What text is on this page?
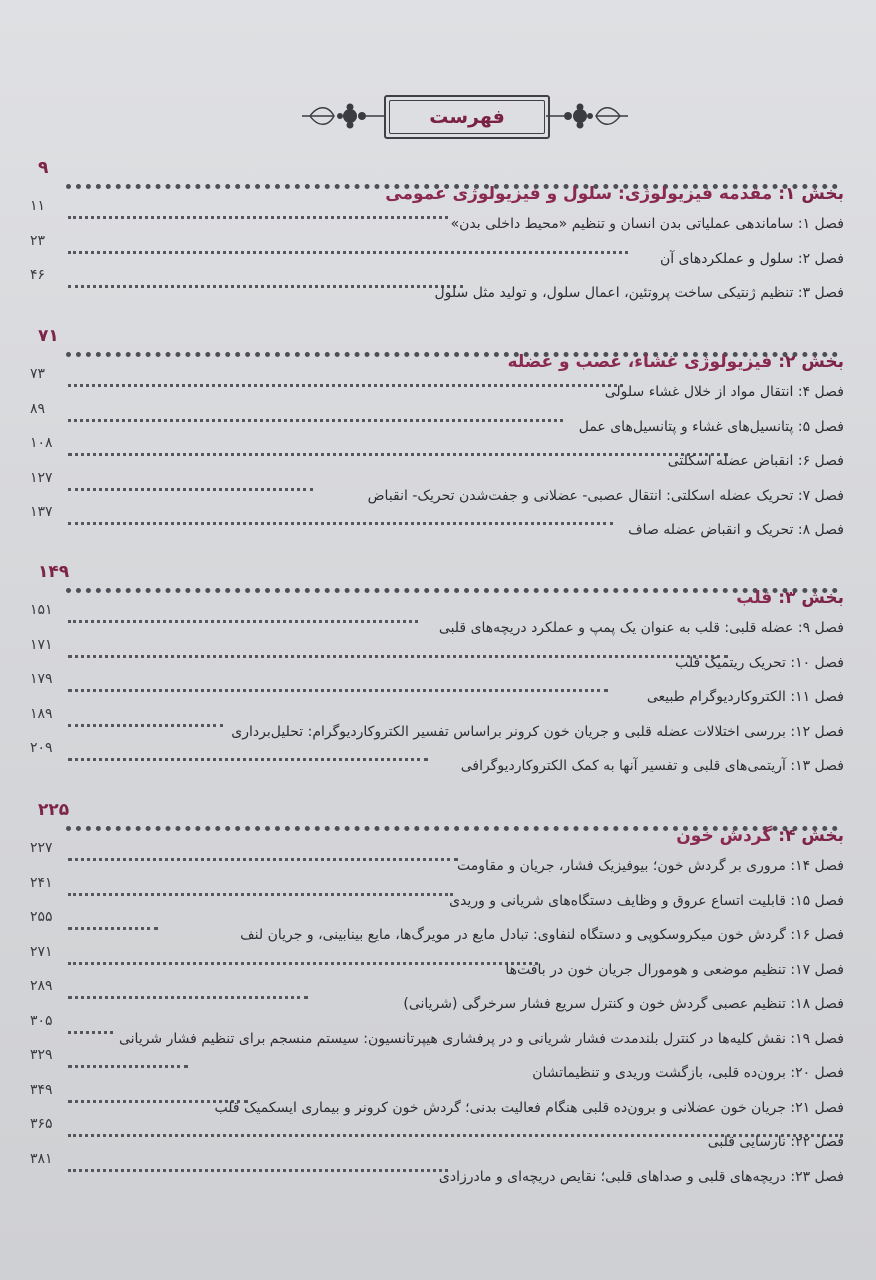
فهرست
۹
بخش ۱: مقدمه فیزیولوژی: سلول و فیزیولوژی عمومی
۱۱
فصل ۱: ساماندهی عملیاتی بدن انسان و تنظیم «محیط داخلی بدن»
۲۳
فصل ۲: سلول و عملکردهای آن
۴۶
فصل ۳: تنظیم ژنتیکی ساخت پروتئین، اعمال سلول، و تولید مثل سلول
۷۱
بخش ۲: فیزیولوژی غشاء، عصب و عضله
۷۳
فصل ۴: انتقال مواد از خلال غشاء سلولی
۸۹
فصل ۵: پتانسیل‌های غشاء و پتانسیل‌های عمل
۱۰۸
فصل ۶: انقباض عضله اسکلتی
۱۲۷
فصل ۷: تحریک عضله اسکلتی: انتقال عصبی- عضلانی و جفت‌شدن تحریک- انقباض
۱۳۷
فصل ۸: تحریک و انقباض عضله صاف
۱۴۹
بخش ۳: قلب
۱۵۱
فصل ۹: عضله قلبی: قلب به عنوان یک پمپ و عملکرد دریچه‌های قلبی
۱۷۱
فصل ۱۰: تحریک ریتمیک قلب
۱۷۹
فصل ۱۱: الکتروکاردیوگرام طبیعی
۱۸۹
فصل ۱۲: بررسی اختلالات عضله قلبی و جریان خون کرونر براساس تفسیر الکتروکاردیوگرام: تحلیل‌برداری
۲۰۹
فصل ۱۳: آریتمی‌های قلبی و تفسیر آنها به کمک الکتروکاردیوگرافی
۲۲۵
بخش ۴: گردش خون
۲۲۷
فصل ۱۴: مروری بر گردش خون؛ بیوفیزیک فشار، جریان و مقاومت
۲۴۱
فصل ۱۵: قابلیت اتساع عروق و وظایف دستگاه‌های شریانی و وریدی
۲۵۵
فصل ۱۶: گردش خون میکروسکوپی و دستگاه لنفاوی: تبادل مایع در مویرگ‌ها، مایع بینابینی، و جریان لنف
۲۷۱
فصل ۱۷: تنظیم موضعی و هومورال جریان خون در بافت‌ها
۲۸۹
فصل ۱۸: تنظیم عصبی گردش خون و کنترل سریع فشار سرخرگی (شریانی)
۳۰۵
فصل ۱۹: نقش کلیه‌ها در کنترل بلندمدت فشار شریانی و در پرفشاری هیپرتانسیون: سیستم منسجم برای تنظیم فشار شریانی
۳۲۹
فصل ۲۰: برون‌ده قلبی، بازگشت وریدی و تنظیماتشان
۳۴۹
فصل ۲۱: جریان خون عضلانی و برون‌ده قلبی هنگام فعالیت بدنی؛ گردش خون کرونر و بیماری ایسکمیک قلب
۳۶۵
فصل ۲۲: نارسایی قلبی
۳۸۱
فصل ۲۳: دریچه‌های قلبی و صداهای قلبی؛ نقایص دریچه‌ای و مادرزادی
